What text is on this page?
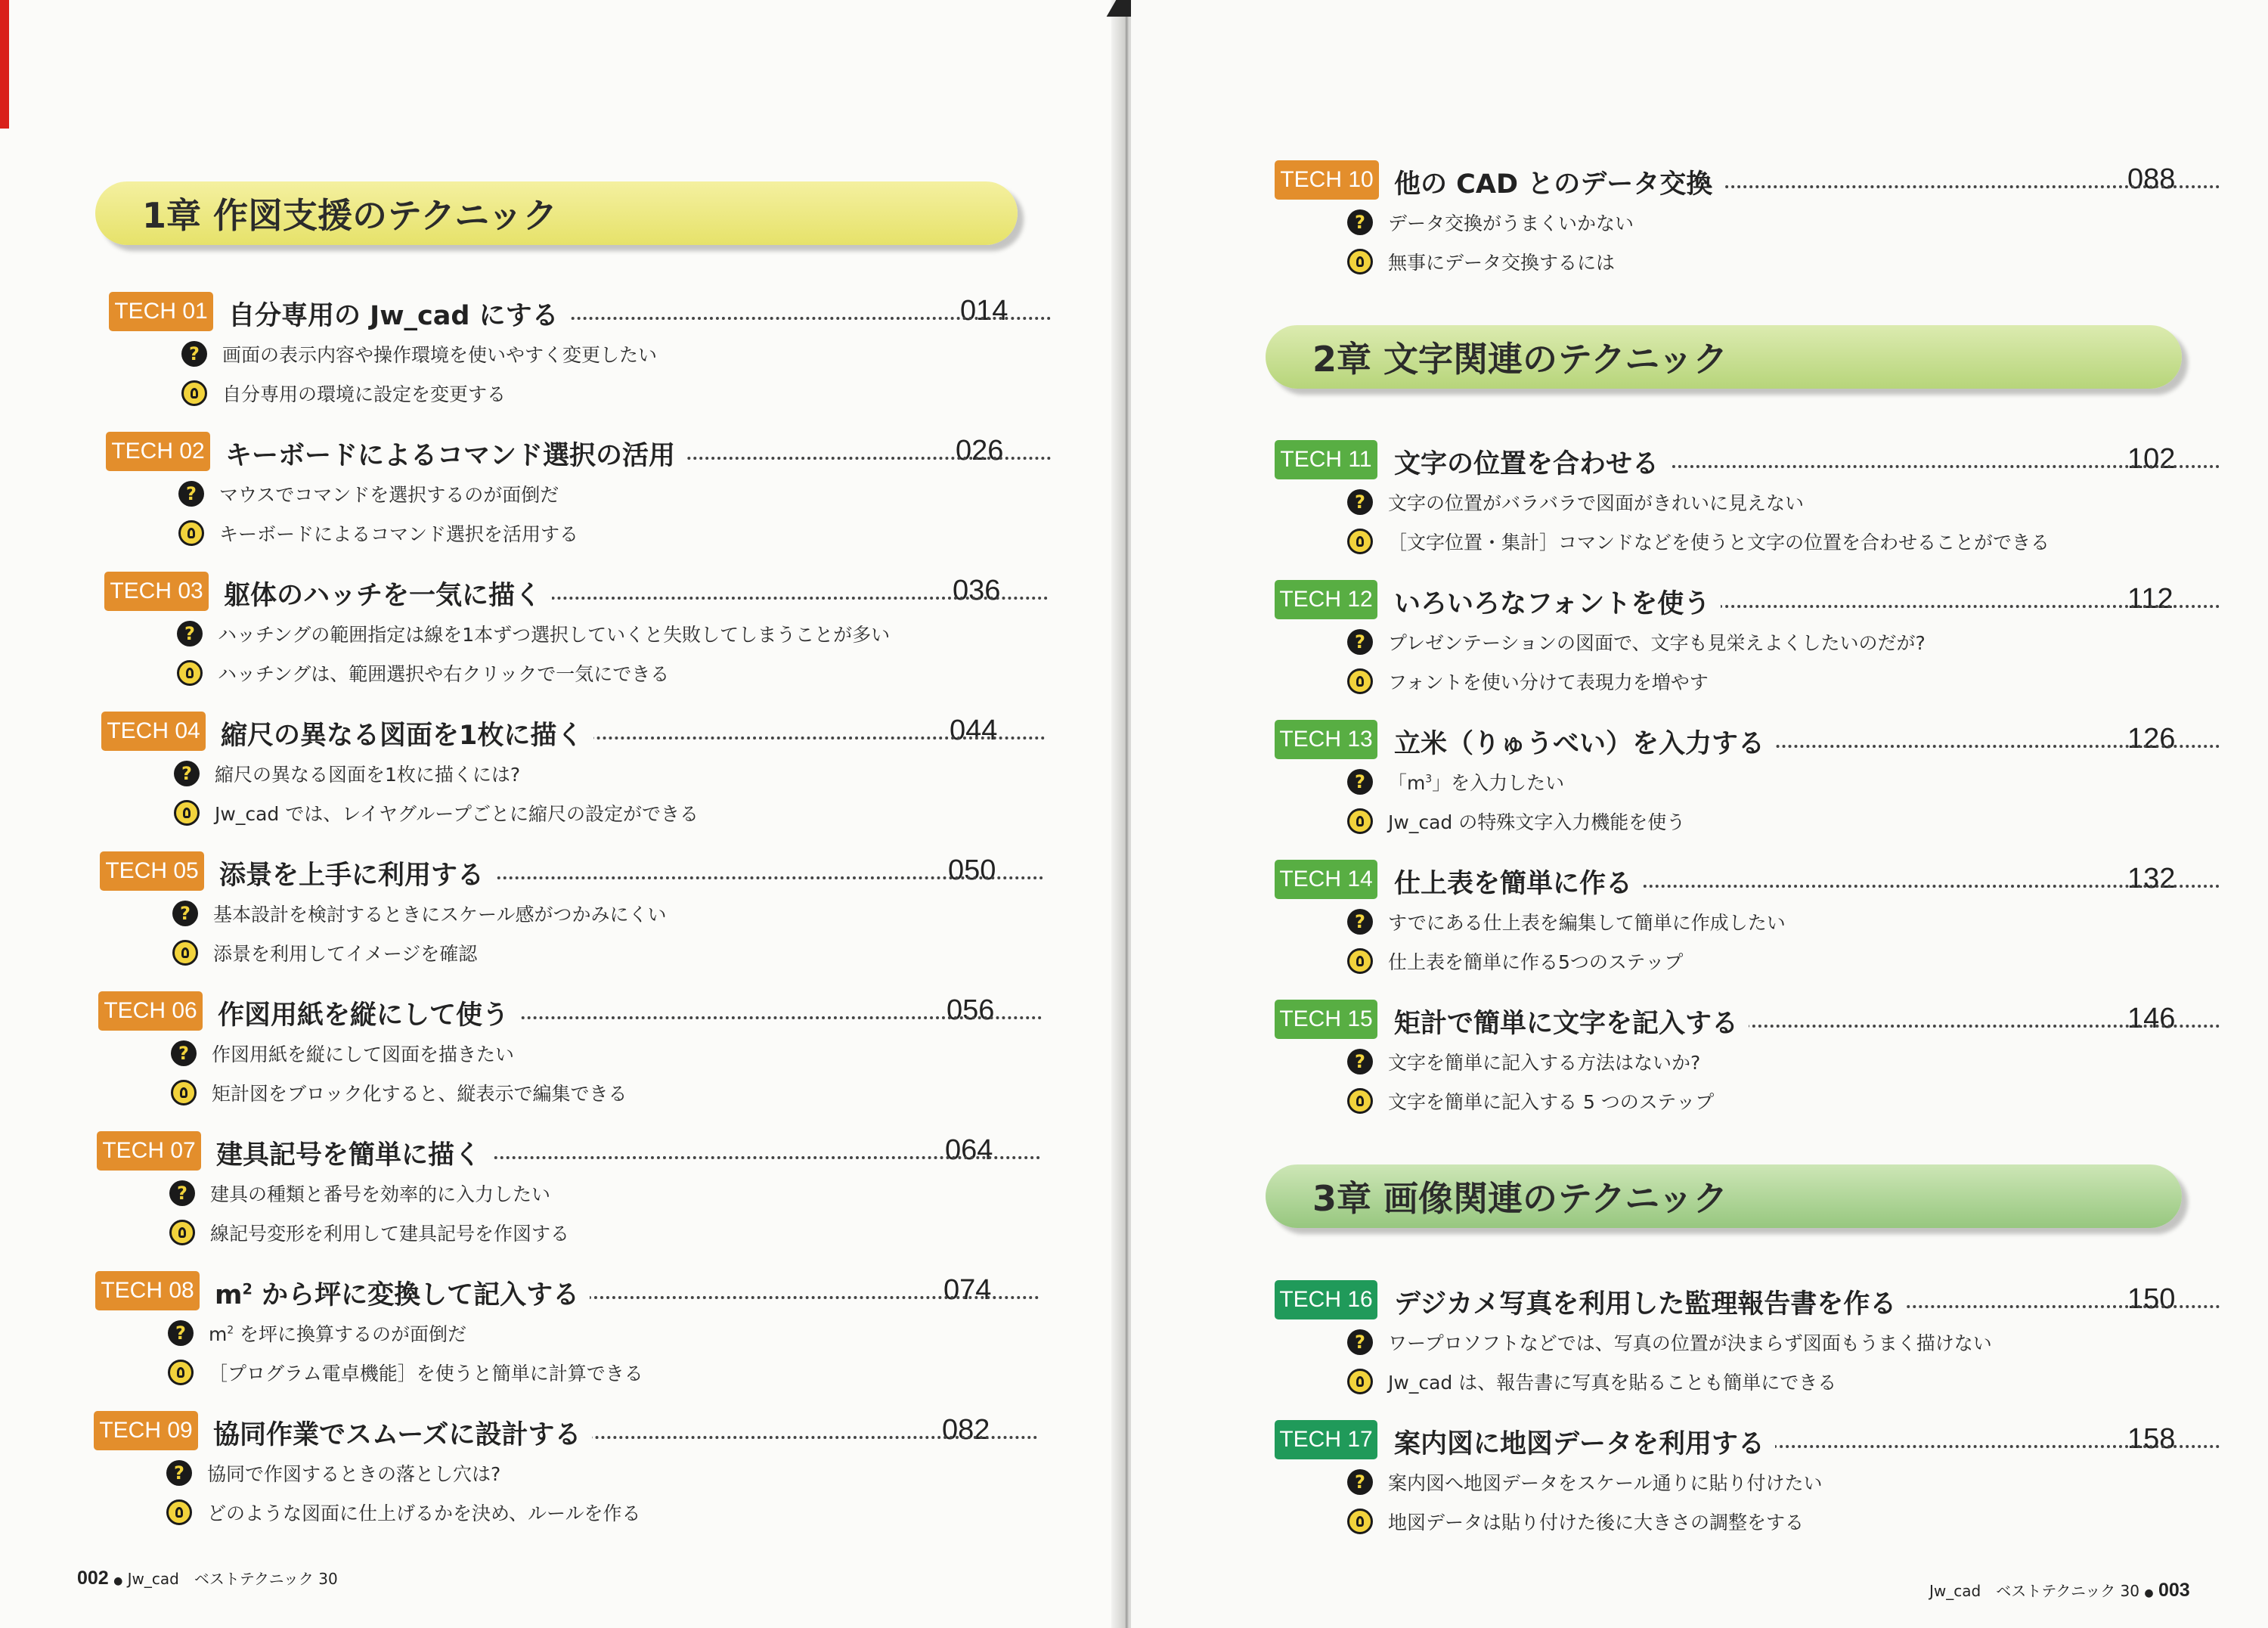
1章 作図支援のテクニック
TECH 01 自分専用の Jw_cad にする	014
?	画面の表示内容や操作環境を使いやすく変更したい
自分専用の環境に設定を変更する
TECH 02 キーボードによるコマンド選択の活用	026
?	マウスでコマンドを選択するのが面倒だ
キーボードによるコマンド選択を活用する
TECH 03 躯体のハッチを一気に描く	036
?	ハッチングの範囲指定は線を1本ずつ選択していくと失敗してしまうことが多い
ハッチングは、範囲選択や右クリックで一気にできる
TECH 04 縮尺の異なる図面を1枚に描く	044
?	縮尺の異なる図面を1枚に描くには?
Jw_cad では、レイヤグループごとに縮尺の設定ができる
TECH 05 添景を上手に利用する	050
?	基本設計を検討するときにスケール感がつかみにくい
添景を利用してイメージを確認
TECH 06 作図用紙を縦にして使う	056
?	作図用紙を縦にして図面を描きたい
矩計図をブロック化すると、縦表示で編集できる
TECH 07 建具記号を簡単に描く	064
?	建具の種類と番号を効率的に入力したい
線記号変形を利用して建具記号を作図する
TECH 08 $m^2$ から坪に変換して記入する	074
?	$m^2$ を坪に換算するのが面倒だ
［プログラム電卓機能］を使うと簡単に計算できる
TECH 09 協同作業でスムーズに設計する	082
?	協同で作図するときの落とし穴は?
どのような図面に仕上げるかを決め、ルールを作る
002 ● Jw_cad　ベストテクニック 30
TECH 10 他の CAD とのデータ交換	088
?	データ交換がうまくいかない
無事にデータ交換するには
2章 文字関連のテクニック
TECH 11 文字の位置を合わせる	102
?	文字の位置がバラバラで図面がきれいに見えない
［文字位置・集計］コマンドなどを使うと文字の位置を合わせることができる
TECH 12 いろいろなフォントを使う	112
?	プレゼンテーションの図面で、文字も見栄えよくしたいのだが?
フォントを使い分けて表現力を増やす
TECH 13 立米（りゅうべい）を入力する	126
?	「$m^3$」を入力したい
Jw_cad の特殊文字入力機能を使う
TECH 14 仕上表を簡単に作る	132
?	すでにある仕上表を編集して簡単に作成したい
仕上表を簡単に作る5つのステップ
TECH 15 矩計で簡単に文字を記入する	146
?	文字を簡単に記入する方法はないか?
文字を簡単に記入する 5 つのステップ
3章 画像関連のテクニック
TECH 16 デジカメ写真を利用した監理報告書を作る	150
?	ワープロソフトなどでは、写真の位置が決まらず図面もうまく描けない
Jw_cad は、報告書に写真を貼ることも簡単にできる
TECH 17 案内図に地図データを利用する	158
?	案内図へ地図データをスケール通りに貼り付けたい
地図データは貼り付けた後に大きさの調整をする
Jw_cad　ベストテクニック 30 ● 003
